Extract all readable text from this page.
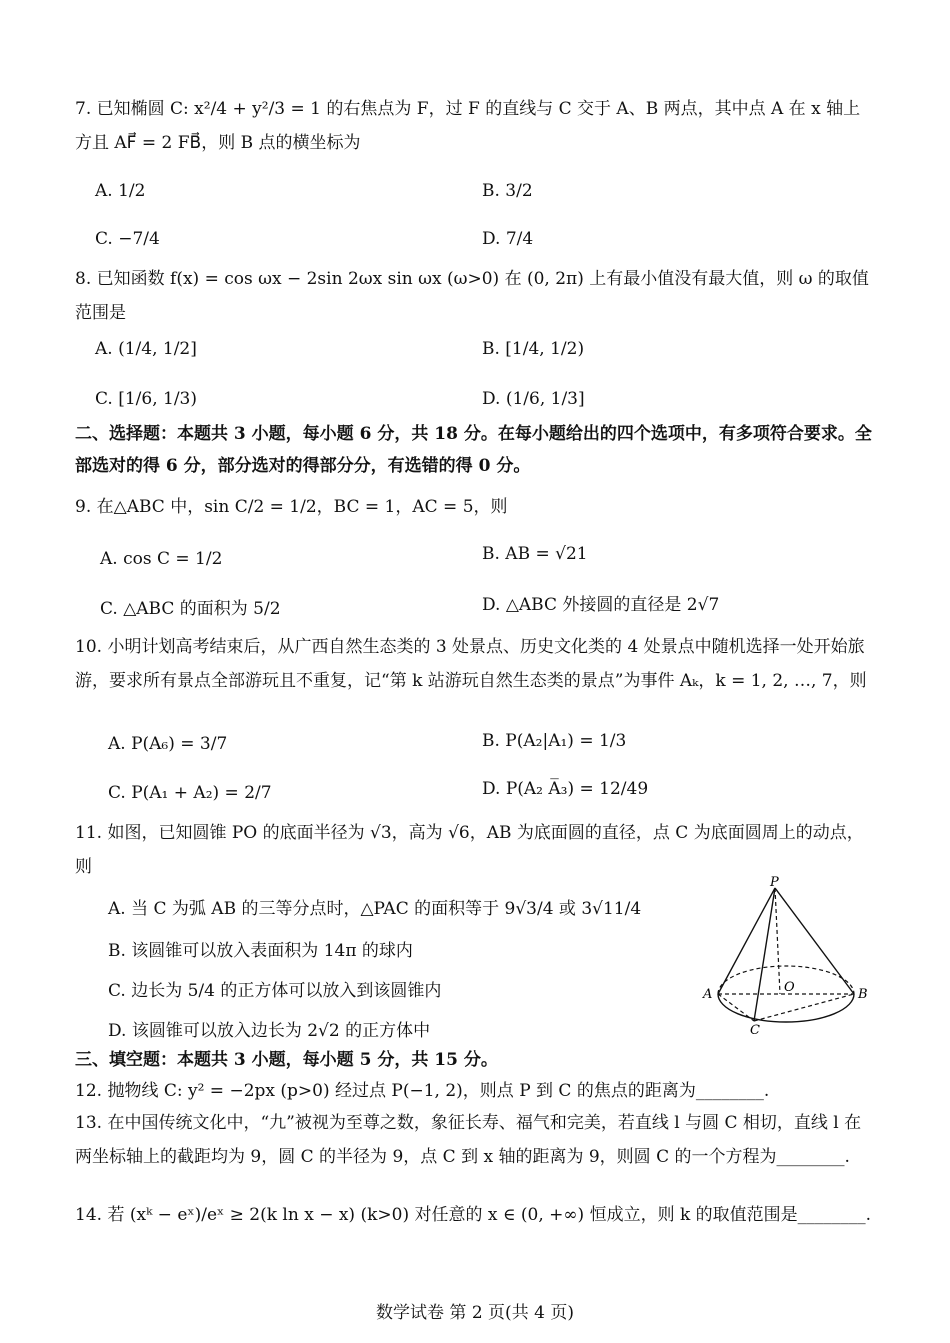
7. 已知椭圆 C: x²/4 + y²/3 = 1 的右焦点为 F，过 F 的直线与 C 交于 A、B 两点，其中点 A 在 x 轴上方且 AF⃗ = 2 FB⃗，则 B 点的横坐标为
A. 1/2	B. 3/2
C. −7/4	D. 7/4
8. 已知函数 f(x) = cos ωx − 2sin 2ωx sin ωx (ω>0) 在 (0, 2π) 上有最小值没有最大值，则 ω 的取值范围是
A. (1/4, 1/2]	B. [1/4, 1/2)
C. [1/6, 1/3)	D. (1/6, 1/3]
二、选择题：本题共 3 小题，每小题 6 分，共 18 分。在每小题给出的四个选项中，有多项符合要求。全部选对的得 6 分，部分选对的得部分分，有选错的得 0 分。
9. 在△ABC 中，sin C/2 = 1/2，BC = 1，AC = 5，则
A. cos C = 1/2	B. AB = √21
C. △ABC 的面积为 5/2	D. △ABC 外接圆的直径是 2√7
10. 小明计划高考结束后，从广西自然生态类的 3 处景点、历史文化类的 4 处景点中随机选择一处开始旅游，要求所有景点全部游玩且不重复，记“第 k 站游玩自然生态类的景点”为事件 Aₖ，k = 1, 2, …, 7，则
A. P(A₆) = 3/7	B. P(A₂|A₁) = 1/3
C. P(A₁ + A₂) = 2/7	D. P(A₂ A̅₃) = 12/49
11. 如图，已知圆锥 PO 的底面半径为 √3，高为 √6，AB 为底面圆的直径，点 C 为底面圆周上的动点，则
A. 当 C 为弧 AB 的三等分点时，△PAC 的面积等于 9√3/4 或 3√11/4
B. 该圆锥可以放入表面积为 14π 的球内
C. 边长为 5/4 的正方体可以放入到该圆锥内
D. 该圆锥可以放入边长为 2√2 的正方体中
P
A	B
O
C
三、填空题：本题共 3 小题，每小题 5 分，共 15 分。
12. 抛物线 C: y² = −2px (p>0) 经过点 P(−1, 2)，则点 P 到 C 的焦点的距离为________.
13. 在中国传统文化中，“九”被视为至尊之数，象征长寿、福气和完美，若直线 l 与圆 C 相切，直线 l 在两坐标轴上的截距均为 9，圆 C 的半径为 9，点 C 到 x 轴的距离为 9，则圆 C 的一个方程为________.
14. 若 (xᵏ − eˣ)/eˣ ≥ 2(k ln x − x) (k>0) 对任意的 x ∈ (0, +∞) 恒成立，则 k 的取值范围是________.
数学试卷 第 2 页(共 4 页)
